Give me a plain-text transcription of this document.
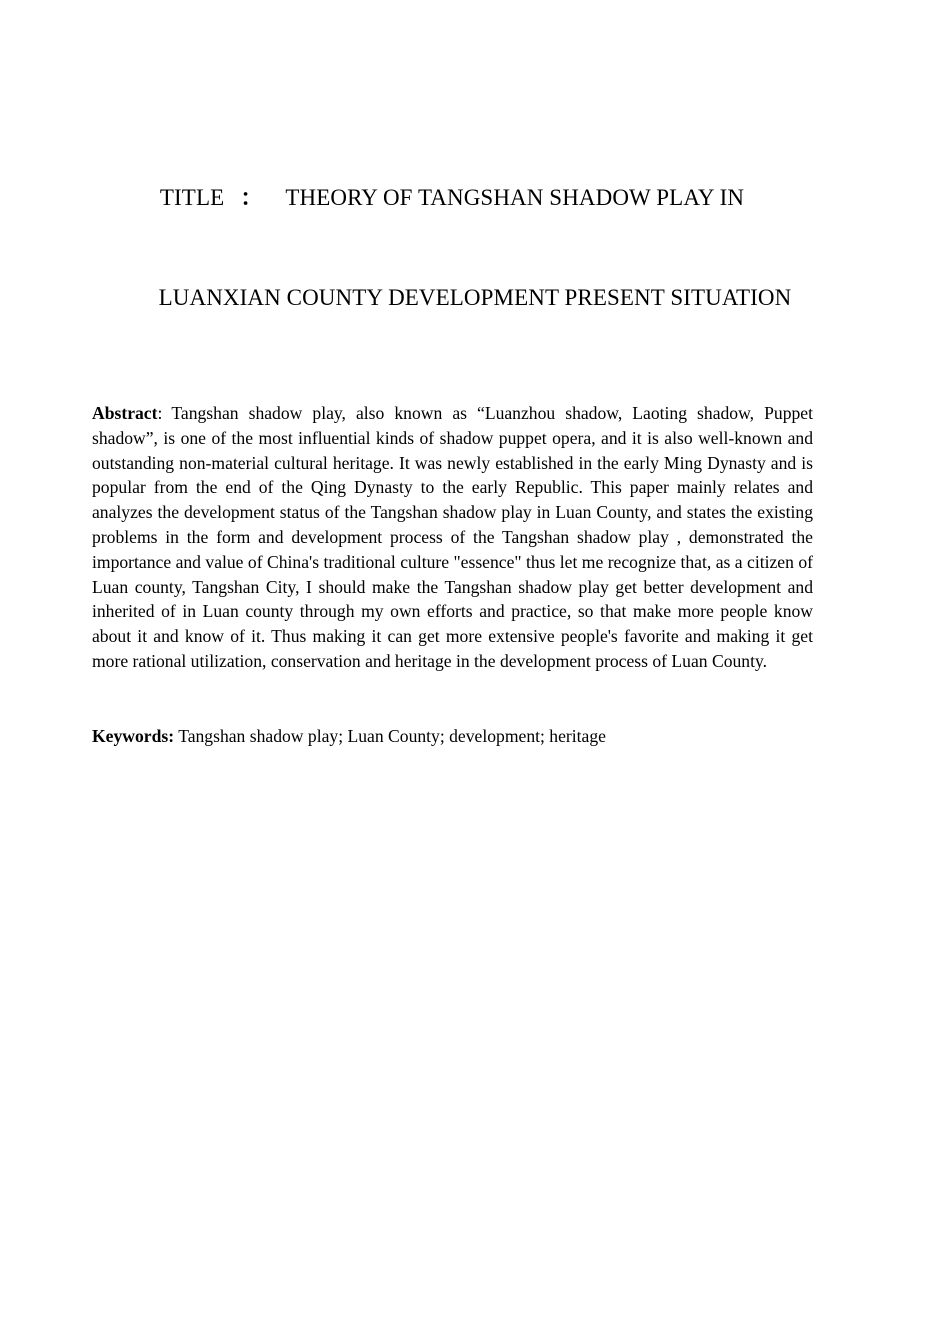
TITLE ： THEORY OF TANGSHAN SHADOW PLAY IN
LUANXIAN COUNTY DEVELOPMENT PRESENT SITUATION

Abstract: Tangshan shadow play, also known as “Luanzhou shadow, Laoting shadow, Puppet shadow”, is one of the most influential kinds of shadow puppet opera, and it is also well-known and outstanding non-material cultural heritage. It was newly established in the early Ming Dynasty and is popular from the end of the Qing Dynasty to the early Republic. This paper mainly relates and analyzes the development status of the Tangshan shadow play in Luan County, and states the existing problems in the form and development process of the Tangshan shadow play , demonstrated the importance and value of China's traditional culture "essence" thus let me recognize that, as a citizen of Luan county, Tangshan City, I should make the Tangshan shadow play get better development and inherited of in Luan county through my own efforts and practice, so that make more people know about it and know of it. Thus making it can get more extensive people's favorite and making it get more rational utilization, conservation and heritage in the development process of Luan County.

Keywords: Tangshan shadow play; Luan County; development; heritage
